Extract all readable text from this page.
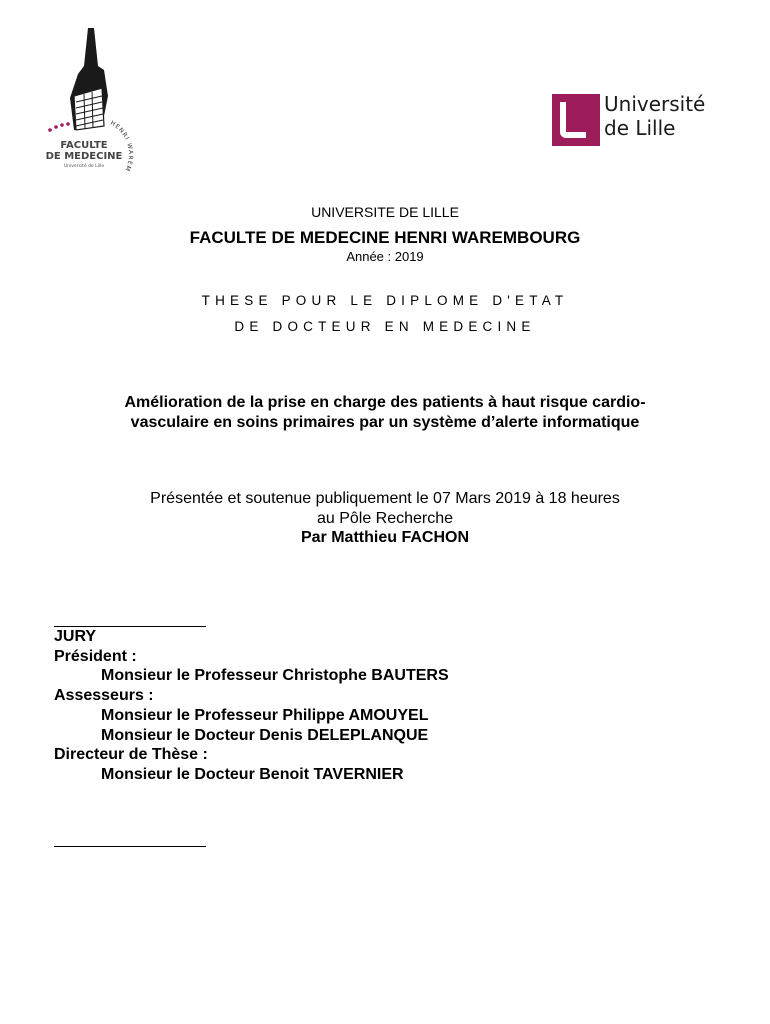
HENRI WAREM
FACULTE
DE MEDECINE
Université de Lille
Université
de Lille
UNIVERSITE DE LILLE
FACULTE DE MEDECINE HENRI WAREMBOURG
Année : 2019
THESE POUR LE DIPLOME D'ETAT
DE DOCTEUR EN MEDECINE
Amélioration de la prise en charge des patients à haut risque cardio-
vasculaire en soins primaires par un système d’alerte informatique
Présentée et soutenue publiquement le 07 Mars 2019 à 18 heures
au Pôle Recherche
Par Matthieu FACHON
JURY
Président :
Monsieur le Professeur Christophe BAUTERS
Assesseurs :
Monsieur le Professeur Philippe AMOUYEL
Monsieur le Docteur Denis DELEPLANQUE
Directeur de Thèse :
Monsieur le Docteur Benoit TAVERNIER
